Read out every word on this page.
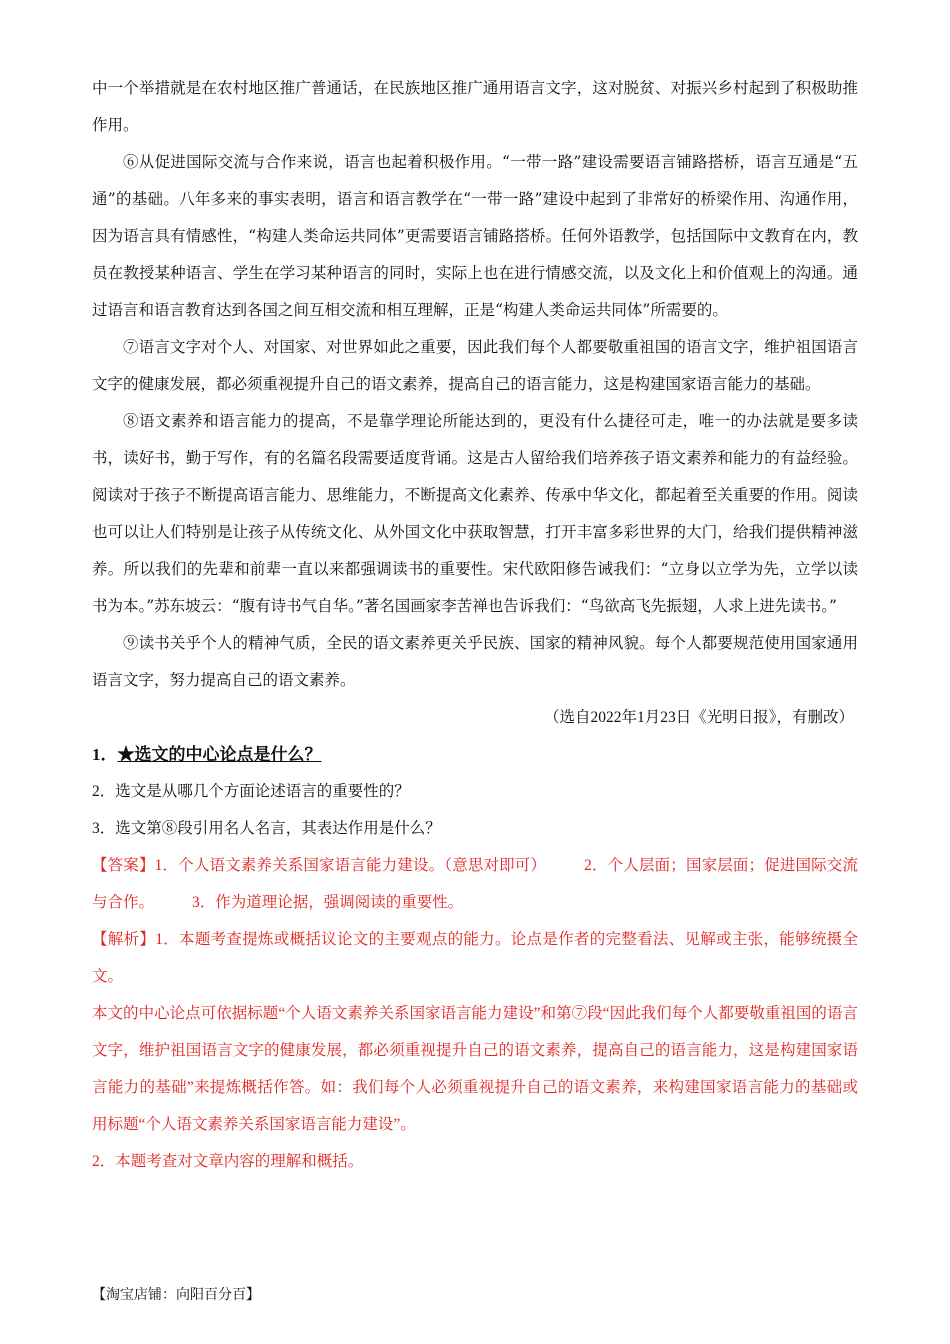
中一个举措就是在农村地区推广普通话，在民族地区推广通用语言文字，这对脱贫、对振兴乡村起到了积极助推作用。

⑥从促进国际交流与合作来说，语言也起着积极作用。“一带一路”建设需要语言铺路搭桥，语言互通是“五通”的基础。八年多来的事实表明，语言和语言教学在“一带一路”建设中起到了非常好的桥梁作用、沟通作用，因为语言具有情感性，“构建人类命运共同体”更需要语言铺路搭桥。任何外语教学，包括国际中文教育在内，教员在教授某种语言、学生在学习某种语言的同时，实际上也在进行情感交流，以及文化上和价值观上的沟通。通过语言和语言教育达到各国之间互相交流和相互理解，正是“构建人类命运共同体”所需要的。

⑦语言文字对个人、对国家、对世界如此之重要，因此我们每个人都要敬重祖国的语言文字，维护祖国语言文字的健康发展，都必须重视提升自己的语文素养，提高自己的语言能力，这是构建国家语言能力的基础。

⑧语文素养和语言能力的提高，不是靠学理论所能达到的，更没有什么捷径可走，唯一的办法就是要多读书，读好书，勤于写作，有的名篇名段需要适度背诵。这是古人留给我们培养孩子语文素养和能力的有益经验。阅读对于孩子不断提高语言能力、思维能力，不断提高文化素养、传承中华文化，都起着至关重要的作用。阅读也可以让人们特别是让孩子从传统文化、从外国文化中获取智慧，打开丰富多彩世界的大门，给我们提供精神滋养。所以我们的先辈和前辈一直以来都强调读书的重要性。宋代欧阳修告诫我们：“立身以立学为先，立学以读书为本。”苏东坡云：“腹有诗书气自华。”著名国画家李苦禅也告诉我们：“鸟欲高飞先振翅，人求上进先读书。”

⑨读书关乎个人的精神气质，全民的语文素养更关乎民族、国家的精神风貌。每个人都要规范使用国家通用语言文字，努力提高自己的语文素养。

（选自2022年1月23日《光明日报》，有删改）

1．★选文的中心论点是什么？

2．选文是从哪几个方面论述语言的重要性的？

3．选文第⑧段引用名人名言，其表达作用是什么？

【答案】1．个人语文素养关系国家语言能力建设。（意思对即可） 2．个人层面；国家层面；促进国际交流与合作。 3．作为道理论据，强调阅读的重要性。

【解析】1．本题考查提炼或概括议论文的主要观点的能力。论点是作者的完整看法、见解或主张，能够统摄全文。

本文的中心论点可依据标题“个人语文素养关系国家语言能力建设”和第⑦段“因此我们每个人都要敬重祖国的语言文字，维护祖国语言文字的健康发展，都必须重视提升自己的语文素养，提高自己的语言能力，这是构建国家语言能力的基础”来提炼概括作答。如：我们每个人必须重视提升自己的语文素养，来构建国家语言能力的基础或用标题“个人语文素养关系国家语言能力建设”。

2．本题考查对文章内容的理解和概括。

【淘宝店铺：向阳百分百】
